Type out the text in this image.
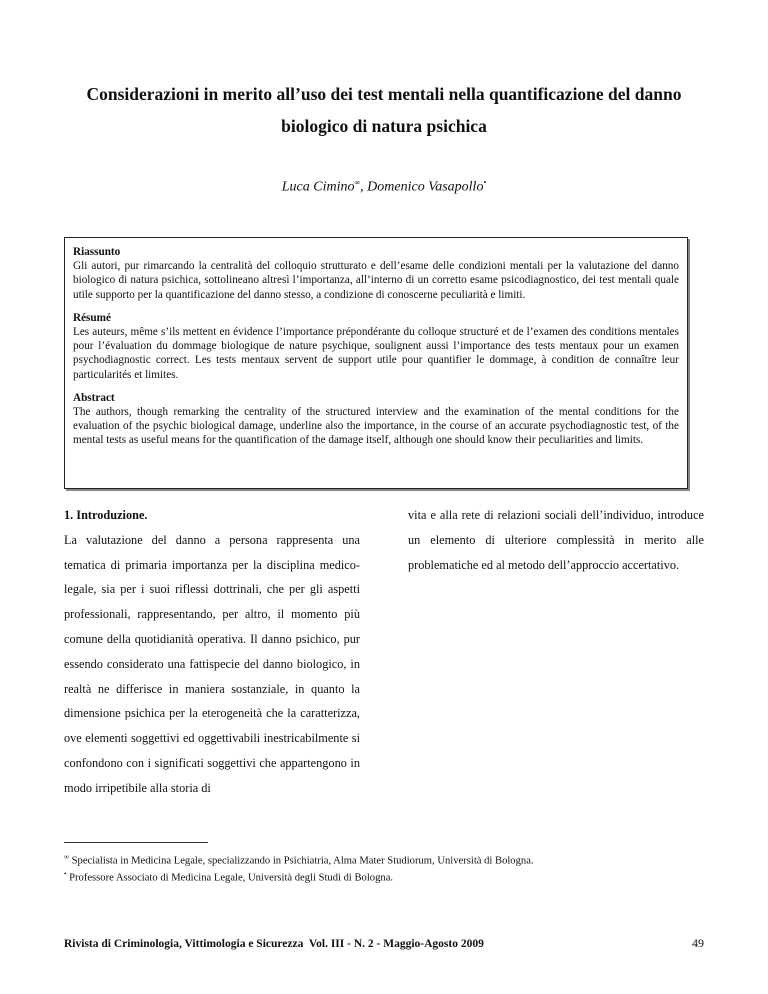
Considerazioni in merito all’uso dei test mentali nella quantificazione del danno biologico di natura psichica
Luca Cimino∞, Domenico Vasapollo•
Riassunto
Gli autori, pur rimarcando la centralità del colloquio strutturato e dell’esame delle condizioni mentali per la valutazione del danno biologico di natura psichica, sottolineano altresì l’importanza, all’interno di un corretto esame psicodiagnostico, dei test mentali quale utile supporto per la quantificazione del danno stesso, a condizione di conoscerne peculiarità e limiti.
Résumé
Les auteurs, même s’ils mettent en évidence l’importance prépondérante du colloque structuré et de l’examen des conditions mentales pour l’évaluation du dommage biologique de nature psychique, soulignent aussi l’importance des tests mentaux pour un examen psychodiagnostic correct. Les tests mentaux servent de support utile pour quantifier le dommage, à condition de connaître leur particularités et limites.
Abstract
The authors, though remarking the centrality of the structured interview and the examination of the mental conditions for the evaluation of the psychic biological damage, underline also the importance, in the course of an accurate psychodiagnostic test, of the mental tests as useful means for the quantification of the damage itself, although one should know their peculiarities and limits.
1. Introduzione.
La valutazione del danno a persona rappresenta una tematica di primaria importanza per la disciplina medico-legale, sia per i suoi riflessi dottrinali, che per gli aspetti professionali, rappresentando, per altro, il momento più comune della quotidianità operativa. Il danno psichico, pur essendo considerato una fattispecie del danno biologico, in realtà ne differisce in maniera sostanziale, in quanto la dimensione psichica per la eterogeneità che la caratterizza, ove elementi soggettivi ed oggettivabili inestricabilmente si confondono con i significati soggettivi che appartengono in modo irripetibile alla storia di
vita e alla rete di relazioni sociali dell’individuo, introduce un elemento di ulteriore complessità in merito alle problematiche ed al metodo dell’approccio accertativo.
∞ Specialista in Medicina Legale, specializzando in Psichiatria, Alma Mater Studiorum, Università di Bologna.
• Professore Associato di Medicina Legale, Università degli Studi di Bologna.
Rivista di Criminologia, Vittimologia e Sicurezza  Vol. III - N. 2 - Maggio-Agosto 2009	49
